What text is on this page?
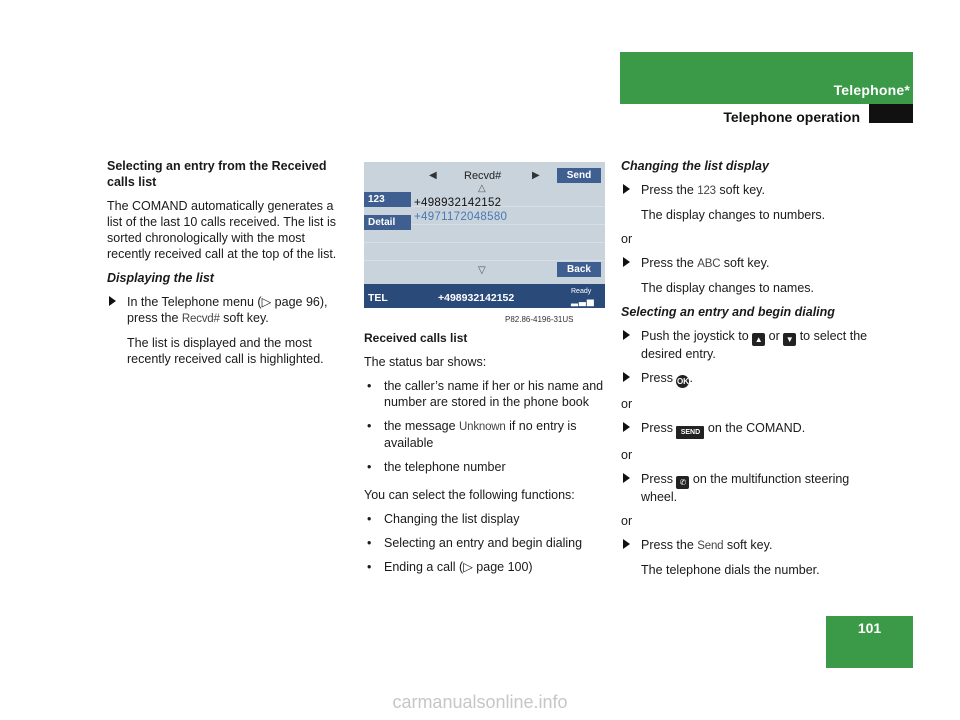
Telephone*
Telephone operation

Selecting an entry from the Received
calls list

The COMAND automatically generates a list of the last 10 calls received. The list is sorted chronologically with the most recently received call at the top of the list.

Displaying the list

In the Telephone menu (▷ page 96), press the Recvd# soft key.

The list is displayed and the most recently received call is highlighted.

◀ Recvd#	▶
△
▽
Send
Back
123
Detail
+498932142152
+4971172048580
TEL	+498932142152
Ready
▂▃▅
P82.86-4196-31US

Received calls list

The status bar shows:

• the caller’s name if her or his name and number are stored in the phone book
• the message Unknown if no entry is available
• the telephone number

You can select the following functions:

• Changing the list display
• Selecting an entry and begin dialing
• Ending a call (▷ page 100)

Changing the list display

Press the 123 soft key.

The display changes to numbers.

or

Press the ABC soft key.

The display changes to names.

Selecting an entry and begin dialing

Push the joystick to ▲ or ▼ to select the desired entry.
Press OK.

or

Press SEND on the COMAND.

or

Press ✆ on the multifunction steering wheel.

or

Press the Send soft key.

The telephone dials the number.

101
carmanualsonline.info
